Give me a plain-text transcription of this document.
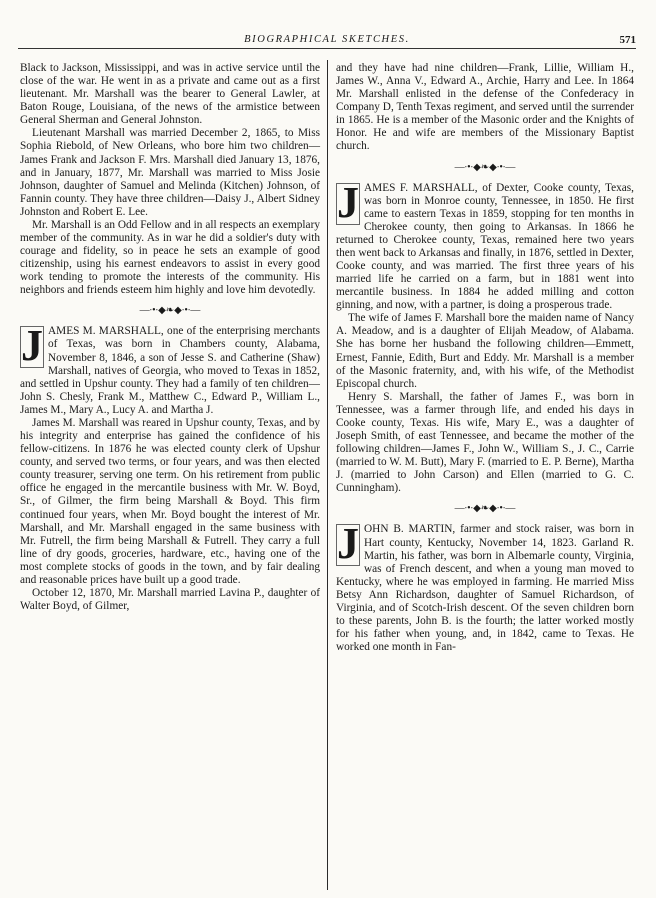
BIOGRAPHICAL SKETCHES.	571

Black to Jackson, Mississippi, and was in active service until the close of the war. He went in as a private and came out as a first lieutenant. Mr. Marshall was the bearer to General Lawler, at Baton Rouge, Louisiana, of the news of the armistice between General Sherman and General Johnston.

Lieutenant Marshall was married December 2, 1865, to Miss Sophia Riebold, of New Orleans, who bore him two children—James Frank and Jackson F. Mrs. Marshall died January 13, 1876, and in January, 1877, Mr. Marshall was married to Miss Josie Johnson, daughter of Samuel and Melinda (Kitchen) Johnson, of Fannin county. They have three children—Daisy J., Albert Sidney Johnston and Robert E. Lee.

Mr. Marshall is an Odd Fellow and in all respects an exemplary member of the community. As in war he did a soldier's duty with courage and fidelity, so in peace he sets an example of good citizenship, using his earnest endeavors to assist in every good work tending to promote the interests of the community. His neighbors and friends esteem him highly and love him devotedly.

—∙•∙◆❧◆∙•∙—
J AMES M. MARSHALL, one of the enterprising merchants of Texas, was born in Chambers county, Alabama, November 8, 1846, a son of Jesse S. and Catherine (Shaw) Marshall, natives of Georgia, who moved to Texas in 1852, and settled in Upshur county. They had a family of ten children—John S. Chesly, Frank M., Matthew C., Edward P., William L., James M., Mary A., Lucy A. and Martha J.

James M. Marshall was reared in Upshur county, Texas, and by his integrity and enterprise has gained the confidence of his fellow-citizens. In 1876 he was elected county clerk of Upshur county, and served two terms, or four years, and was then elected county treasurer, serving one term. On his retirement from public office he engaged in the mercantile business with Mr. W. Boyd, Sr., of Gilmer, the firm being Marshall & Boyd. This firm continued four years, when Mr. Boyd bought the interest of Mr. Marshall, and Mr. Marshall engaged in the same business with Mr. Futrell, the firm being Marshall & Futrell. They carry a full line of dry goods, groceries, hardware, etc., having one of the most complete stocks of goods in the town, and by fair dealing and reasonable prices have built up a good trade.

October 12, 1870, Mr. Marshall married Lavina P., daughter of Walter Boyd, of Gilmer,

and they have had nine children—Frank, Lillie, William H., James W., Anna V., Edward A., Archie, Harry and Lee. In 1864 Mr. Marshall enlisted in the defense of the Confederacy in Company D, Tenth Texas regiment, and served until the surrender in 1865. He is a member of the Masonic order and the Knights of Honor. He and wife are members of the Missionary Baptist church.

—∙•∙◆❧◆∙•∙—
J AMES F. MARSHALL, of Dexter, Cooke county, Texas, was born in Monroe county, Tennessee, in 1850. He first came to eastern Texas in 1859, stopping for ten months in Cherokee county, then going to Arkansas. In 1866 he returned to Cherokee county, Texas, remained here two years then went back to Arkansas and finally, in 1876, settled in Dexter, Cooke county, and was married. The first three years of his married life he carried on a farm, but in 1881 went into mercantile business. In 1884 he added milling and cotton ginning, and now, with a partner, is doing a prosperous trade.

The wife of James F. Marshall bore the maiden name of Nancy A. Meadow, and is a daughter of Elijah Meadow, of Alabama. She has borne her husband the following children—Emmett, Ernest, Fannie, Edith, Burt and Eddy. Mr. Marshall is a member of the Masonic fraternity, and, with his wife, of the Methodist Episcopal church.

Henry S. Marshall, the father of James F., was born in Tennessee, was a farmer through life, and ended his days in Cooke county, Texas. His wife, Mary E., was a daughter of Joseph Smith, of east Tennessee, and became the mother of the following children—James F., John W., William S., J. C., Carrie (married to W. M. Butt), Mary F. (married to E. P. Berne), Martha J. (married to John Carson) and Ellen (married to G. C. Cunningham).

—∙•∙◆❧◆∙•∙—
J OHN B. MARTIN, farmer and stock raiser, was born in Hart county, Kentucky, November 14, 1823. Garland R. Martin, his father, was born in Albemarle county, Virginia, was of French descent, and when a young man moved to Kentucky, where he was employed in farming. He married Miss Betsy Ann Richardson, daughter of Samuel Richardson, of Virginia, and of Scotch-Irish descent. Of the seven children born to these parents, John B. is the fourth; the latter worked mostly for his father when young, and, in 1842, came to Texas. He worked one month in Fan-
